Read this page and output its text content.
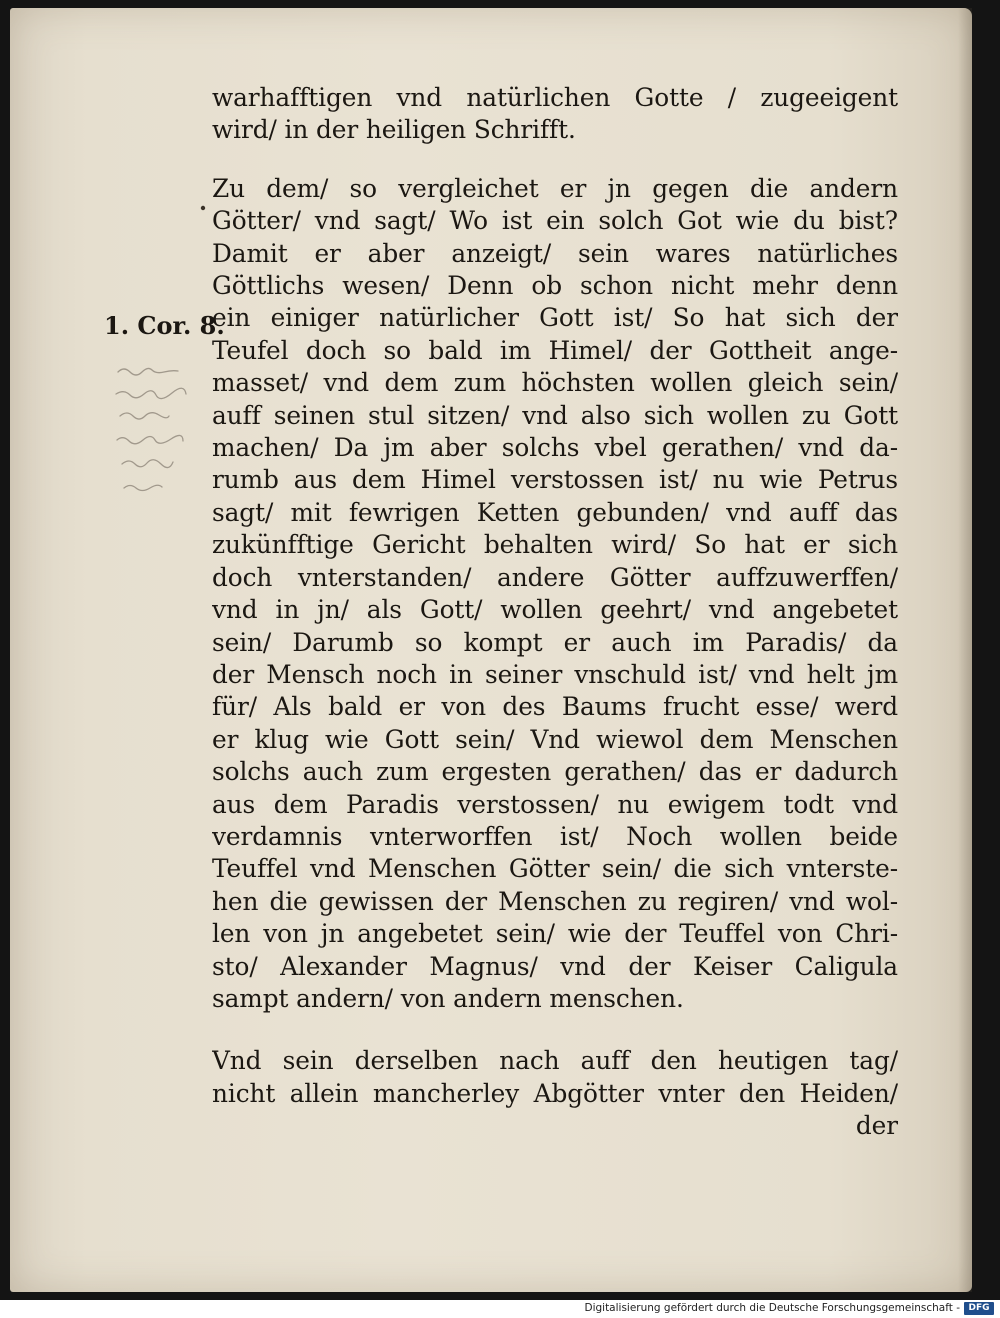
1. Cor. 8.
warhafftigen vnd natürlichen Gotte / zugeeigent
wird/ in der heiligen Schrifft.
Zu dem/ so vergleichet er jn gegen die andern
Götter/ vnd sagt/ Wo ist ein solch Got wie du bist?
Damit er aber anzeigt/ sein wares natürliches
Göttlichs wesen/ Denn ob schon nicht mehr denn
ein einiger natürlicher Gott ist/ So hat sich der
Teufel doch so bald im Himel/ der Gottheit ange-
masset/ vnd dem zum höchsten wollen gleich sein/
auff seinen stul sitzen/ vnd also sich wollen zu Gott
machen/ Da jm aber solchs vbel gerathen/ vnd da-
rumb aus dem Himel verstossen ist/ nu wie Petrus
sagt/ mit fewrigen Ketten gebunden/ vnd auff das
zukünfftige Gericht behalten wird/ So hat er sich
doch vnterstanden/ andere Götter auffzuwerffen/
vnd in jn/ als Gott/ wollen geehrt/ vnd angebetet
sein/ Darumb so kompt er auch im Paradis/ da
der Mensch noch in seiner vnschuld ist/ vnd helt jm
für/ Als bald er von des Baums frucht esse/ werd
er klug wie Gott sein/ Vnd wiewol dem Menschen
solchs auch zum ergesten gerathen/ das er dadurch
aus dem Paradis verstossen/ nu ewigem todt vnd
verdamnis vnterworffen ist/ Noch wollen beide
Teuffel vnd Menschen Götter sein/ die sich vnterste-
hen die gewissen der Menschen zu regiren/ vnd wol-
len von jn angebetet sein/ wie der Teuffel von Chri-
sto/ Alexander Magnus/ vnd der Keiser Caligula
sampt andern/ von andern menschen.
Vnd sein derselben nach auff den heutigen tag/
nicht allein mancherley Abgötter vnter den Heiden/
der
Digitalisierung gefördert durch die Deutsche Forschungsgemeinschaft - DFG
